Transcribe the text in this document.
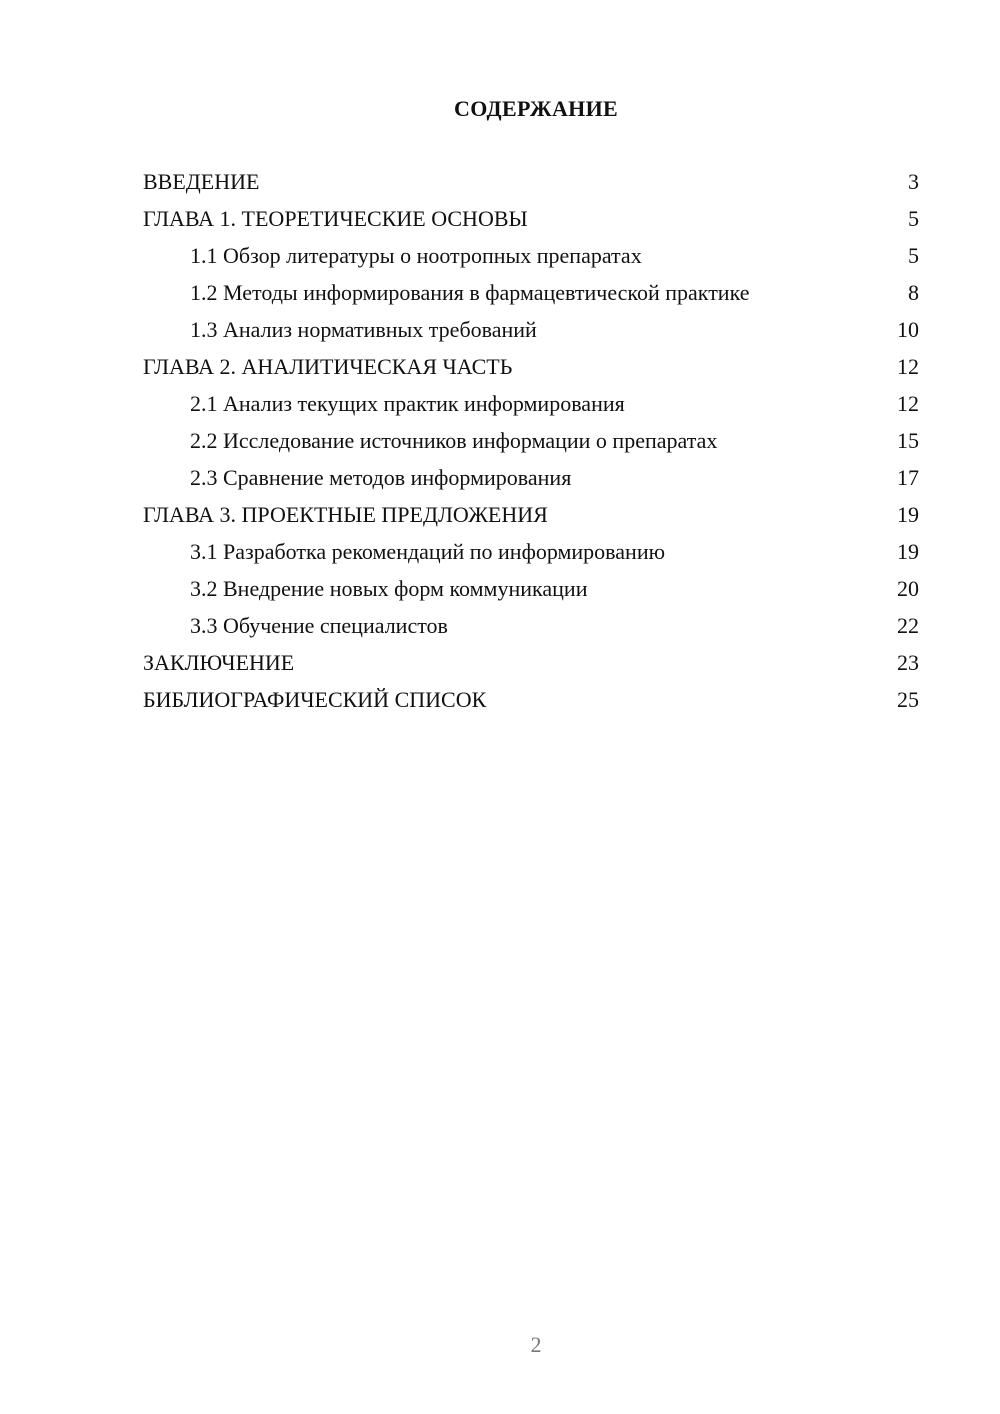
СОДЕРЖАНИЕ
ВВЕДЕНИЕ	3
ГЛАВА 1. ТЕОРЕТИЧЕСКИЕ ОСНОВЫ	5
1.1 Обзор литературы о ноотропных препаратах	5
1.2 Методы информирования в фармацевтической практике	8
1.3 Анализ нормативных требований	10
ГЛАВА 2. АНАЛИТИЧЕСКАЯ ЧАСТЬ	12
2.1 Анализ текущих практик информирования	12
2.2 Исследование источников информации о препаратах	15
2.3 Сравнение методов информирования	17
ГЛАВА 3. ПРОЕКТНЫЕ ПРЕДЛОЖЕНИЯ	19
3.1 Разработка рекомендаций по информированию	19
3.2 Внедрение новых форм коммуникации	20
3.3 Обучение специалистов	22
ЗАКЛЮЧЕНИЕ	23
БИБЛИОГРАФИЧЕСКИЙ СПИСОК	25
2
